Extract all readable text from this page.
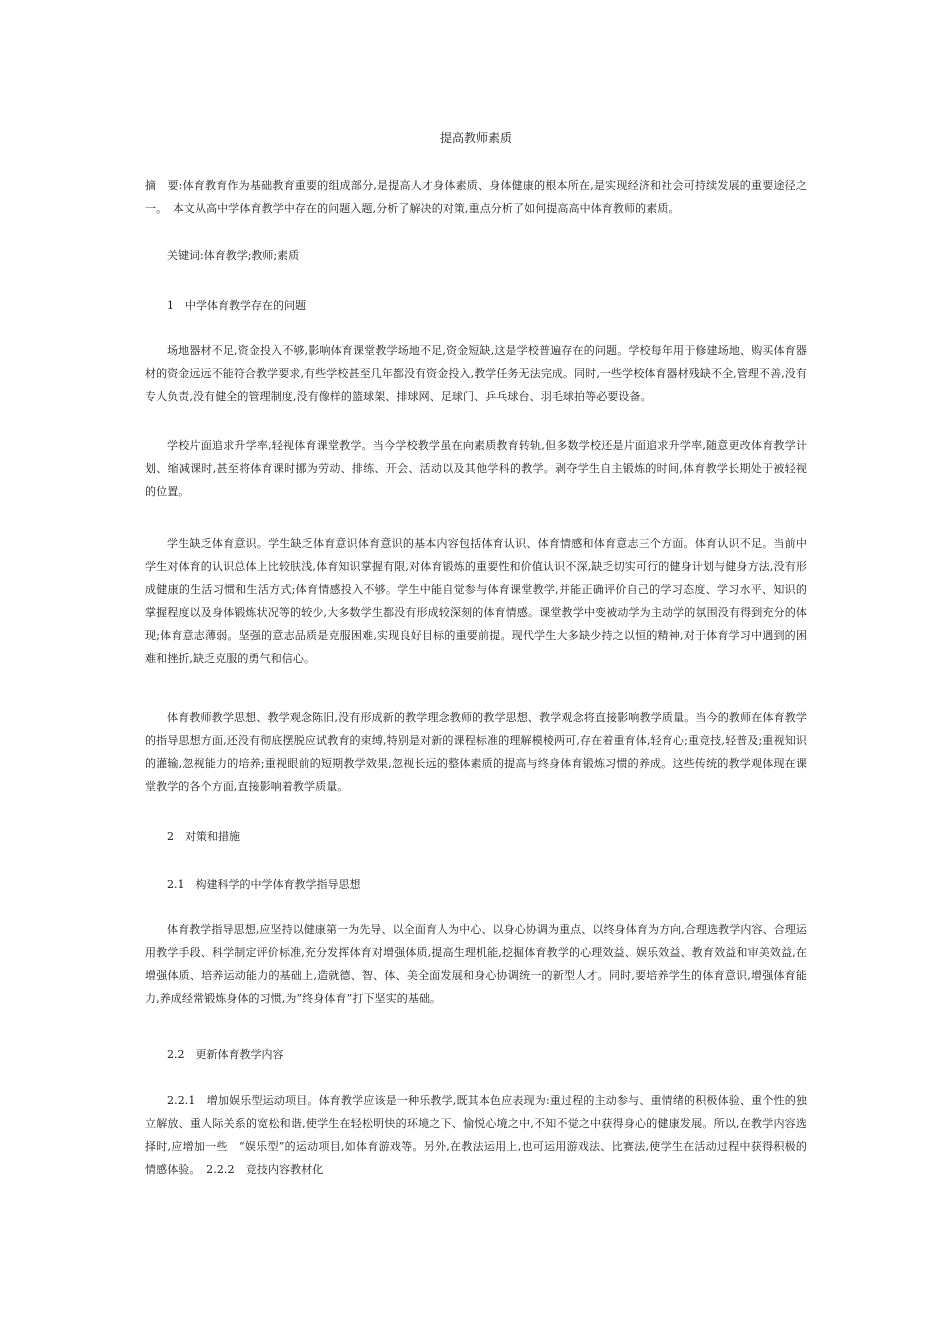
提高教师素质
摘　要:体育教育作为基础教育重要的组成部分,是提高人才身体素质、身体健康的根本所在,是实现经济和社会可持续发展的重要途径之一。　本文从高中学体育教学中存在的问题入题,分析了解决的对策,重点分析了如何提高高中体育教师的素质。
关键词:体育教学;教师;素质
1　中学体育教学存在的问题
场地器材不足,资金投入不够,影响体育课堂教学场地不足,资金短缺,这是学校普遍存在的问题。学校每年用于修建场地、购买体育器材的资金远远不能符合教学要求,有些学校甚至几年都没有资金投入,教学任务无法完成。同时,一些学校体育器材残缺不全,管理不善,没有专人负责,没有健全的管理制度,没有像样的篮球架、排球网、足球门、乒乓球台、羽毛球拍等必要设备。
学校片面追求升学率,轻视体育课堂教学。当今学校教学虽在向素质教育转轨,但多数学校还是片面追求升学率,随意更改体育教学计划、缩减课时,甚至将体育课时挪为劳动、排练、开会、活动以及其他学科的教学。剥夺学生自主锻炼的时间,体育教学长期处于被轻视的位置。
学生缺乏体育意识。学生缺乏体育意识体育意识的基本内容包括体育认识、体育情感和体育意志三个方面。体育认识不足。当前中学生对体育的认识总体上比较肤浅,体育知识掌握有限,对体育锻炼的重要性和价值认识不深,缺乏切实可行的健身计划与健身方法,没有形成健康的生活习惯和生活方式;体育情感投入不够。学生中能自觉参与体育课堂教学,并能正确评价自己的学习态度、学习水平、知识的掌握程度以及身体锻炼状况等的较少,大多数学生都没有形成较深刻的体育情感。课堂教学中变被动学为主动学的氛围没有得到充分的体现;体育意志薄弱。坚强的意志品质是克服困难,实现良好目标的重要前提。现代学生大多缺少持之以恒的精神,对于体育学习中遇到的困难和挫折,缺乏克服的勇气和信心。
体育教师教学思想、教学观念陈旧,没有形成新的教学理念教师的教学思想、教学观念将直接影响教学质量。当今的教师在体育教学的指导思想方面,还没有彻底摆脱应试教育的束缚,特别是对新的课程标准的理解模棱两可,存在着重育体,轻育心;重竞技,轻普及;重视知识的灌输,忽视能力的培养;重视眼前的短期教学效果,忽视长远的整体素质的提高与终身体育锻炼习惯的养成。这些传统的教学观体现在课堂教学的各个方面,直接影响着教学质量。
2　对策和措施
2.1　构建科学的中学体育教学指导思想
体育教学指导思想,应坚持以健康第一为先导、以全面育人为中心、以身心协调为重点、以终身体育为方向,合理选教学内容、合理运用教学手段、科学制定评价标准,充分发挥体育对增强体质,提高生理机能,挖掘体育教学的心理效益、娱乐效益、教育效益和审美效益,在增强体质、培养运动能力的基础上,造就德、智、体、美全面发展和身心协调统一的新型人才。同时,要培养学生的体育意识,增强体育能力,养成经常锻炼身体的习惯,为“终身体育”打下坚实的基础。
2.2　更新体育教学内容
2.2.1　增加娱乐型运动项目。体育教学应该是一种乐教学,既其本色应表现为:重过程的主动参与、重情绪的积极体验、重个性的独立解放、重人际关系的宽松和谐,使学生在轻松明快的环境之下、愉悦心境之中,不知不觉之中获得身心的健康发展。所以,在教学内容选择时,应增加一些　“娱乐型”的运动项目,如体育游戏等。另外,在教法运用上,也可运用游戏法、比赛法,使学生在活动过程中获得积极的情感体验。　2.2.2　竞技内容教材化
